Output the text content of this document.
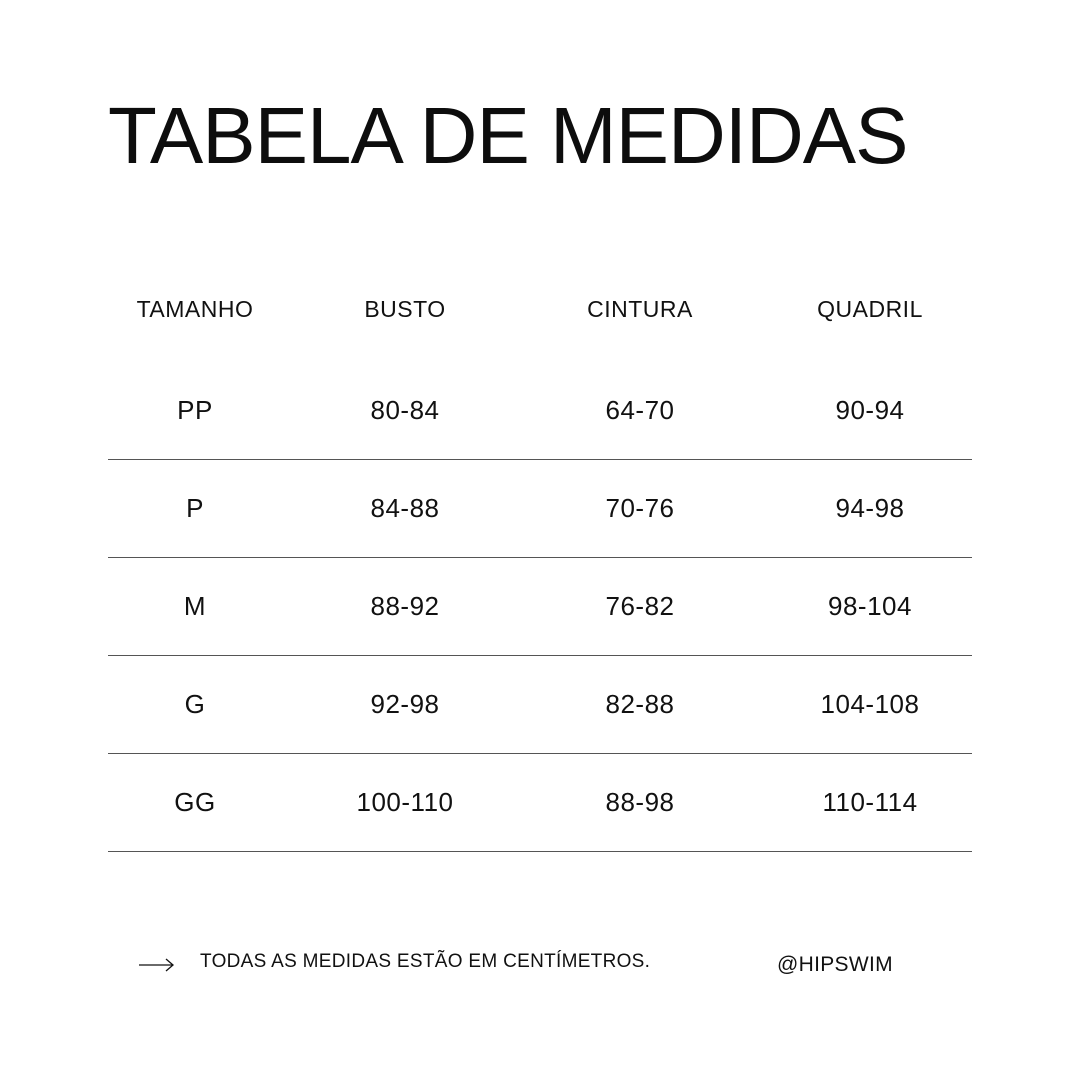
TABELA DE MEDIDAS
TAMANHO	BUSTO	CINTURA	QUADRIL
PP	80-84	64-70	90-94
P	84-88	70-76	94-98
M	88-92	76-82	98-104
G	92-98	82-88	104-108
GG	100-110	88-98	110-114
TODAS AS MEDIDAS ESTÃO EM CENTÍMETROS.	@HIPSWIM
